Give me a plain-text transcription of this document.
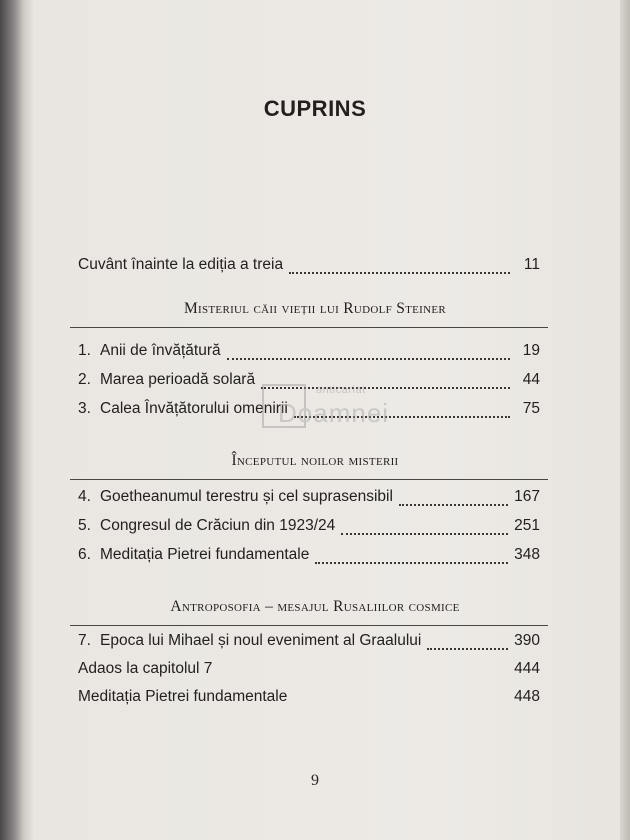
CUPRINS
Cuvânt înainte la ediția a treia	11
Misteriul căii vieții lui Rudolf Steiner
1. Anii de învățătură	19
2. Marea perioadă solară	44
3. Calea Învățătorului omenirii	75
Începutul noilor misterii
4. Goetheanumul terestru și cel suprasensibil	167
5. Congresul de Crăciun din 1923/24	251
6. Meditația Pietrei fundamentale	348
Antroposofia – mesajul Rusaliilor cosmice
7. Epoca lui Mihael și noul eveniment al Graalului	390
Adaos la capitolul 7	444
Meditația Pietrei fundamentale	448
anticariat
Doamnei
9
